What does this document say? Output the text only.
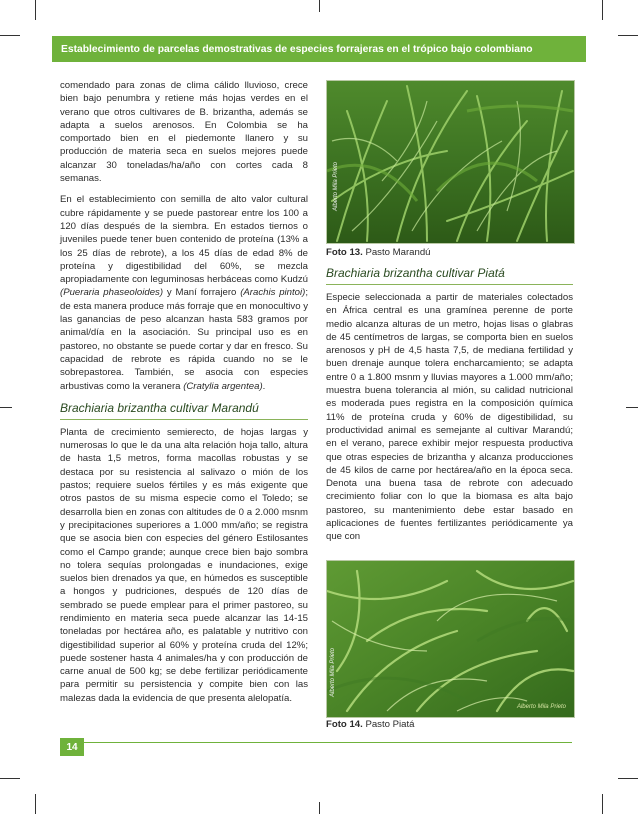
Establecimiento de parcelas demostrativas de especies forrajeras en el trópico bajo colombiano

comendado para zonas de clima cálido lluvioso, crece bien bajo penumbra y retiene más hojas verdes en el verano que otros cultivares de B. brizantha, además se adapta a suelos arenosos. En Colombia se ha comportado bien en el piedemonte llanero y su producción de materia seca en suelos mejores puede alcanzar 30 toneladas/ha/año con cortes cada 8 semanas.

En el establecimiento con semilla de alto valor cultural cubre rápidamente y se puede pastorear entre los 100 a 120 días después de la siembra. En estados tiernos o juveniles puede tener buen contenido de proteína (13% a los 25 días de rebrote), a los 45 días de edad 8% de proteína y digestibilidad del 60%, se mezcla apropiadamente con leguminosas herbáceas como Kudzú (Pueraria phaseoloides) y Maní forrajero (Arachis pintoi); de esta manera produce más forraje que en monocultivo y las ganancias de peso alcanzan hasta 583 gramos por animal/día en la asociación. Su principal uso es en pastoreo, no obstante se puede cortar y dar en fresco. Su capacidad de rebrote es rápida cuando no se le sobrepastorea. También, se asocia con especies arbustivas como la veranera (Cratylia argentea).

Brachiaria brizantha cultivar Marandú

Planta de crecimiento semierecto, de hojas largas y numerosas lo que le da una alta relación hoja tallo, altura de hasta 1,5 metros, forma macollas robustas y se destaca por su resistencia al salivazo o mión de los pastos; requiere suelos fértiles y es más exigente que otros pastos de su misma especie como el Toledo; se desarrolla bien en zonas con altitudes de 0 a 2.000 msnm y precipitaciones superiores a 1.000 mm/año; se registra que se asocia bien con especies del género Estilosantes como el Campo grande; aunque crece bien bajo sombra no tolera sequías prolongadas e inundaciones, exige suelos bien drenados ya que, en húmedos es susceptible a hongos y pudriciones, después de 120 días de sembrado se puede emplear para el primer pastoreo, su rendimiento en materia seca puede alcanzar las 14-15 toneladas por hectárea año, es palatable y nutritivo con digestibilidad superior al 60% y proteína cruda del 12%; puede sostener hasta 4 animales/ha y con producción de carne anual de 500 kg; se debe fertilizar periódicamente para permitir su persistencia y compite bien con las malezas dada la evidencia de que presenta alelopatía.

Alberto Mila Prieto
Foto 13. Pasto Marandú
Brachiaria brizantha cultivar Piatá

Especie seleccionada a partir de materiales colectados en África central es una gramínea perenne de porte medio alcanza alturas de un metro, hojas lisas o glabras de 45 centímetros de largas, se comporta bien en suelos arenosos y pH de 4,5 hasta 7,5, de mediana fertilidad y buen drenaje aunque tolera encharcamiento; se adapta entre 0 a 1.800 msnm y lluvias mayores a 1.000 mm/año; muestra buena tolerancia al mión, su calidad nutricional es moderada pues registra en la composición química 11% de proteína cruda y 60% de digestibilidad, su productividad animal es semejante al cultivar Marandú; en el verano, parece exhibir mejor respuesta productiva que otras especies de brizantha y alcanza producciones de 45 kilos de carne por hectárea/año en la época seca. Denota una buena tasa de rebrote con adecuado crecimiento foliar con lo que la biomasa es alta bajo pastoreo, su mantenimiento debe estar basado en aplicaciones de fuentes fertilizantes periódicamente ya que con

Alberto Mila Prieto
Alberto Mila Prieto
Foto 14. Pasto Piatá
14
